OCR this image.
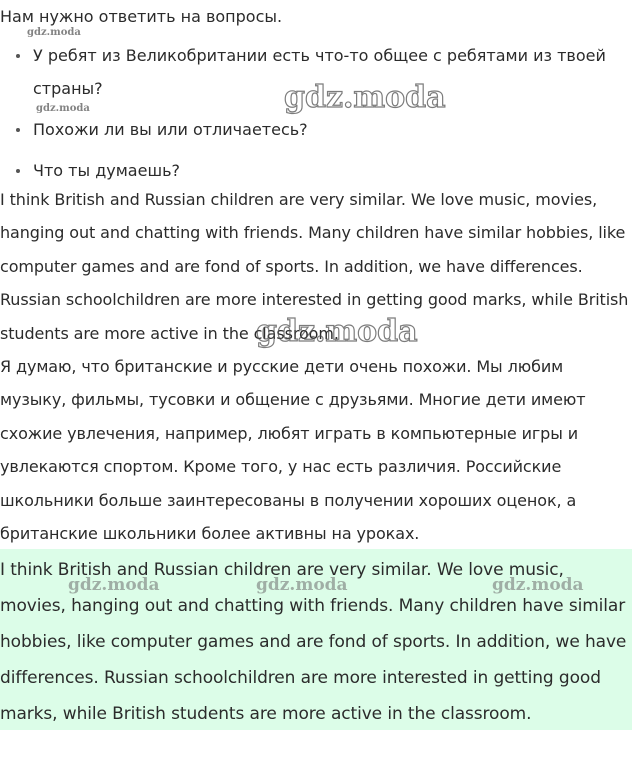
Нам нужно ответить на вопросы.

У ребят из Великобритании есть что-то общее с ребятами из твоей страны?
Похожи ли вы или отличаетесь?
Что ты думаешь?

I think British and Russian children are very similar. We love music, movies, hanging out and chatting with friends. Many children have similar hobbies, like computer games and are fond of sports. In addition, we have differences. Russian schoolchildren are more interested in getting good marks, while British students are more active in the classroom.

Я думаю, что британские и русские дети очень похожи. Мы любим музыку, фильмы, тусовки и общение с друзьями. Многие дети имеют схожие увлечения, например, любят играть в компьютерные игры и увлекаются спортом. Кроме того, у нас есть различия. Российские школьники больше заинтересованы в получении хороших оценок, а британские школьники более активны на уроках.

I think British and Russian children are very similar. We love music, movies, hanging out and chatting with friends. Many children have similar hobbies, like computer games and are fond of sports. In addition, we have differences. Russian schoolchildren are more interested in getting good marks, while British students are more active in the classroom.

gdz.moda
gdz.moda	gdz.moda
gdz.moda
gdz.moda	gdz.moda	gdz.moda
